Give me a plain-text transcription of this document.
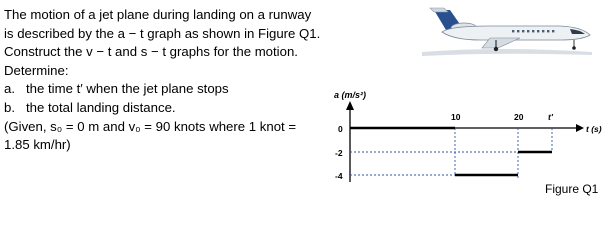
The motion of a jet plane during landing on a runway
is described by the a − t graph as shown in Figure Q1.
Construct the v − t and s − t graphs for the motion.
Determine:
a. the time t′ when the jet plane stops
b. the total landing distance.
(Given, s₀ = 0 m and v₀ = 90 knots where 1 knot =
1.85 km/hr)
a (m/s²)
t (s)
0
-2
-4
10	20	t′
Figure Q1
